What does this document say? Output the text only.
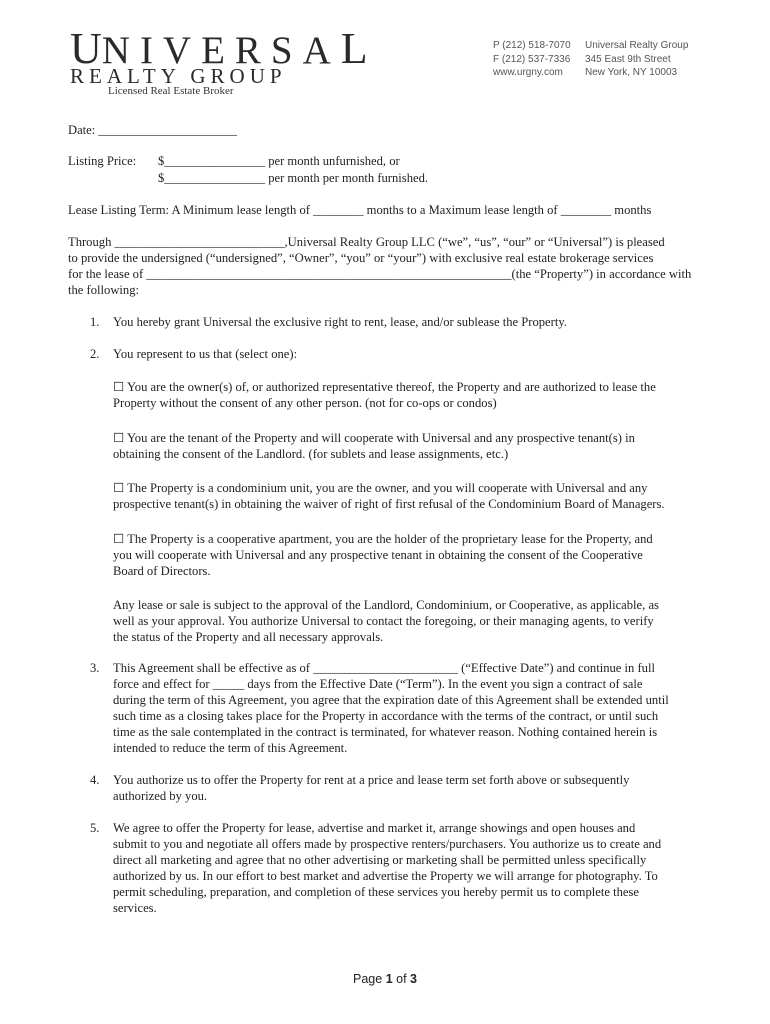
UNIVERSAL
REALTY GROUP
Licensed Real Estate Broker
P (212) 518-7070
F (212) 537-7336
www.urgny.com
Universal Realty Group
345 East 9th Street
New York, NY 10003
Date: ______________________
Listing Price: $________________ per month unfurnished, or
$________________ per month per month furnished.
Lease Listing Term: A Minimum lease length of ________ months to a Maximum lease length of ________ months
Through ___________________________,Universal Realty Group LLC (“we”, “us”, “our” or “Universal”) is pleased
to provide the undersigned (“undersigned”, “Owner”, “you” or “your”) with exclusive real estate brokerage services
for the lease of __________________________________________________________(the “Property”) in accordance with
the following:
1. You hereby grant Universal the exclusive right to rent, lease, and/or sublease the Property.
2. You represent to us that (select one):
☐ You are the owner(s) of, or authorized representative thereof, the Property and are authorized to lease the
Property without the consent of any other person. (not for co-ops or condos)
☐ You are the tenant of the Property and will cooperate with Universal and any prospective tenant(s) in
obtaining the consent of the Landlord. (for sublets and lease assignments, etc.)
☐ The Property is a condominium unit, you are the owner, and you will cooperate with Universal and any
prospective tenant(s) in obtaining the waiver of right of first refusal of the Condominium Board of Managers.
☐ The Property is a cooperative apartment, you are the holder of the proprietary lease for the Property, and
you will cooperate with Universal and any prospective tenant in obtaining the consent of the Cooperative
Board of Directors.
Any lease or sale is subject to the approval of the Landlord, Condominium, or Cooperative, as applicable, as
well as your approval. You authorize Universal to contact the foregoing, or their managing agents, to verify
the status of the Property and all necessary approvals.
3. This Agreement shall be effective as of _______________________ (“Effective Date”) and continue in full
force and effect for _____ days from the Effective Date (“Term”). In the event you sign a contract of sale
during the term of this Agreement, you agree that the expiration date of this Agreement shall be extended until
such time as a closing takes place for the Property in accordance with the terms of the contract, or until such
time as the sale contemplated in the contract is terminated, for whatever reason. Nothing contained herein is
intended to reduce the term of this Agreement.
4. You authorize us to offer the Property for rent at a price and lease term set forth above or subsequently
authorized by you.
5. We agree to offer the Property for lease, advertise and market it, arrange showings and open houses and
submit to you and negotiate all offers made by prospective renters/purchasers. You authorize us to create and
direct all marketing and agree that no other advertising or marketing shall be permitted unless specifically
authorized by us. In our effort to best market and advertise the Property we will arrange for photography. To
permit scheduling, preparation, and completion of these services you hereby permit us to complete these
services.
Page 1 of 3
